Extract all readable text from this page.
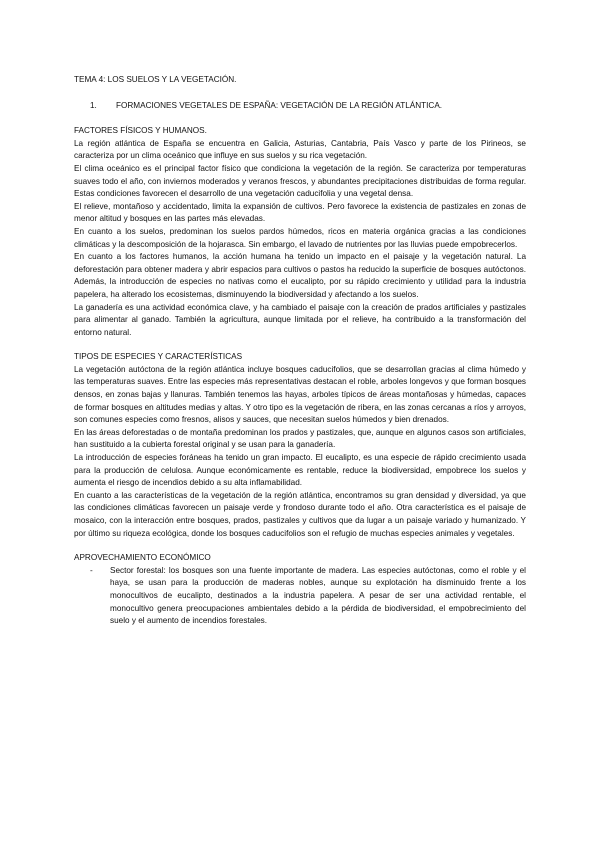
TEMA 4: LOS SUELOS Y LA VEGETACIÓN.
1.	FORMACIONES VEGETALES DE ESPAÑA: VEGETACIÓN DE LA REGIÓN ATLÁNTICA.
FACTORES FÍSICOS Y HUMANOS.

La región atlántica de España se encuentra en Galicia, Asturias, Cantabria, País Vasco y parte de los Pirineos, se caracteriza por un clima oceánico que influye en sus suelos y su rica vegetación.

El clima oceánico es el principal factor físico que condiciona la vegetación de la región. Se caracteriza por temperaturas suaves todo el año, con inviernos moderados y veranos frescos, y abundantes precipitaciones distribuidas de forma regular. Estas condiciones favorecen el desarrollo de una vegetación caducifolia y una vegetal densa.

El relieve, montañoso y accidentado, limita la expansión de cultivos. Pero favorece la existencia de pastizales en zonas de menor altitud y bosques en las partes más elevadas.

En cuanto a los suelos, predominan los suelos pardos húmedos, ricos en materia orgánica gracias a las condiciones climáticas y la descomposición de la hojarasca. Sin embargo, el lavado de nutrientes por las lluvias puede empobrecerlos.

En cuanto a los factores humanos, la acción humana ha tenido un impacto en el paisaje y la vegetación natural. La deforestación para obtener madera y abrir espacios para cultivos o pastos ha reducido la superficie de bosques autóctonos. Además, la introducción de especies no nativas como el eucalipto, por su rápido crecimiento y utilidad para la industria papelera, ha alterado los ecosistemas, disminuyendo la biodiversidad y afectando a los suelos.

La ganadería es una actividad económica clave, y ha cambiado el paisaje con la creación de prados artificiales y pastizales para alimentar al ganado. También la agricultura, aunque limitada por el relieve, ha contribuido a la transformación del entorno natural.

TIPOS DE ESPECIES Y CARACTERÍSTICAS

La vegetación autóctona de la región atlántica incluye bosques caducifolios, que se desarrollan gracias al clima húmedo y las temperaturas suaves. Entre las especies más representativas destacan el roble, arboles longevos y que forman bosques densos, en zonas bajas y llanuras. También tenemos las hayas, arboles típicos de áreas montañosas y húmedas, capaces de formar bosques en altitudes medias y altas. Y otro tipo es la vegetación de ribera, en las zonas cercanas a ríos y arroyos, son comunes especies como fresnos, alisos y sauces, que necesitan suelos húmedos y bien drenados.

En las áreas deforestadas o de montaña predominan los prados y pastizales, que, aunque en algunos casos son artificiales, han sustituido a la cubierta forestal original y se usan para la ganadería.

La introducción de especies foráneas ha tenido un gran impacto. El eucalipto, es una especie de rápido crecimiento usada para la producción de celulosa. Aunque económicamente es rentable, reduce la biodiversidad, empobrece los suelos y aumenta el riesgo de incendios debido a su alta inflamabilidad.

En cuanto a las características de la vegetación de la región atlántica, encontramos su gran densidad y diversidad, ya que las condiciones climáticas favorecen un paisaje verde y frondoso durante todo el año. Otra característica es el paisaje de mosaico, con la interacción entre bosques, prados, pastizales y cultivos que da lugar a un paisaje variado y humanizado. Y por último su riqueza ecológica, donde los bosques caducifolios son el refugio de muchas especies animales y vegetales.

APROVECHAMIENTO ECONÓMICO
-	Sector forestal: los bosques son una fuente importante de madera. Las especies autóctonas, como el roble y el haya, se usan para la producción de maderas nobles, aunque su explotación ha disminuido frente a los monocultivos de eucalipto, destinados a la industria papelera. A pesar de ser una actividad rentable, el monocultivo genera preocupaciones ambientales debido a la pérdida de biodiversidad, el empobrecimiento del suelo y el aumento de incendios forestales.
